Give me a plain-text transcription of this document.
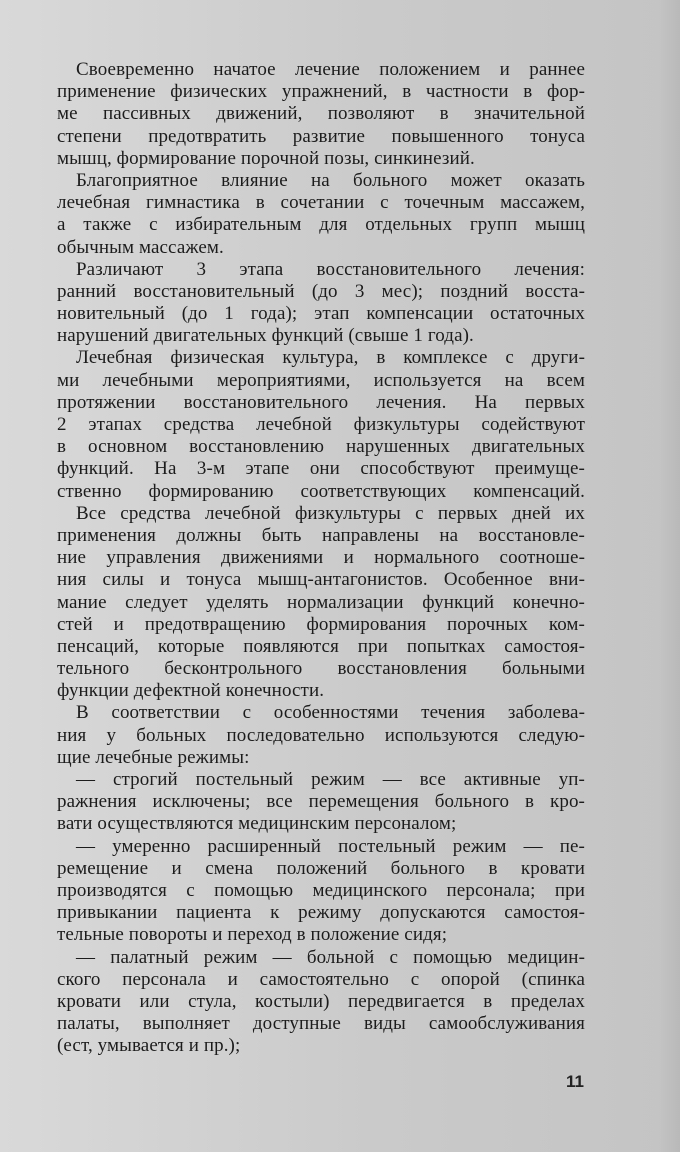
Своевременно начатое лечение положением и раннее
применение физических упражнений, в частности в фор-
ме пассивных движений, позволяют в значительной
степени предотвратить развитие повышенного тонуса
мышц, формирование порочной позы, синкинезий.
Благоприятное влияние на больного может оказать
лечебная гимнастика в сочетании с точечным массажем,
а также с избирательным для отдельных групп мышц
обычным массажем.
Различают 3 этапа восстановительного лечения:
ранний восстановительный (до 3 мес); поздний восста-
новительный (до 1 года); этап компенсации остаточных
нарушений двигательных функций (свыше 1 года).
Лечебная физическая культура, в комплексе с други-
ми лечебными мероприятиями, используется на всем
протяжении восстановительного лечения. На первых
2 этапах средства лечебной физкультуры содействуют
в основном восстановлению нарушенных двигательных
функций. На 3-м этапе они способствуют преимуще-
ственно формированию соответствующих компенсаций.
Все средства лечебной физкультуры с первых дней их
применения должны быть направлены на восстановле-
ние управления движениями и нормального соотноше-
ния силы и тонуса мышц-антагонистов. Особенное вни-
мание следует уделять нормализации функций конечно-
стей и предотвращению формирования порочных ком-
пенсаций, которые появляются при попытках самостоя-
тельного бесконтрольного восстановления больными
функции дефектной конечности.
В соответствии с особенностями течения заболева-
ния у больных последовательно используются следую-
щие лечебные режимы:
— строгий постельный режим — все активные уп-
ражнения исключены; все перемещения больного в кро-
вати осуществляются медицинским персоналом;
— умеренно расширенный постельный режим — пе-
ремещение и смена положений больного в кровати
производятся с помощью медицинского персонала; при
привыкании пациента к режиму допускаются самостоя-
тельные повороты и переход в положение сидя;
— палатный режим — больной с помощью медицин-
ского персонала и самостоятельно с опорой (спинка
кровати или стула, костыли) передвигается в пределах
палаты, выполняет доступные виды самообслуживания
(ест, умывается и пр.);
11
